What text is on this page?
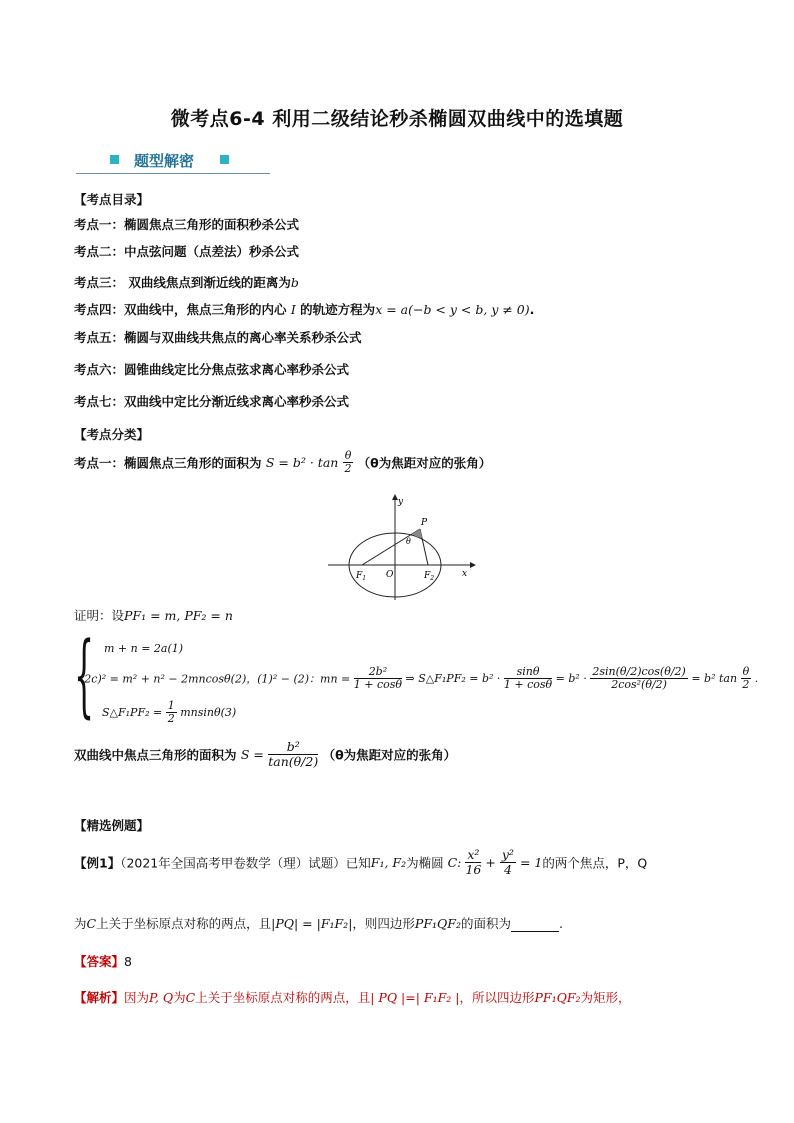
微考点6-4 利用二级结论秒杀椭圆双曲线中的选填题
题型解密
【考点目录】
考点一：椭圆焦点三角形的面积秒杀公式
考点二：中点弦问题（点差法）秒杀公式
考点三： 双曲线焦点到渐近线的距离为b
考点四：双曲线中，焦点三角形的内心 I 的轨迹方程为x = a(−b < y < b, y ≠ 0).
考点五：椭圆与双曲线共焦点的离心率关系秒杀公式
考点六：圆锥曲线定比分焦点弦求离心率秒杀公式
考点七：双曲线中定比分渐近线求离心率秒杀公式
【考点分类】
考点一：椭圆焦点三角形的面积为 $S = b^2 \cdot \tan \frac{\theta}{2} (\theta$为焦距对应的张角）
y
x
O
$F_1$	$F_2$
P
θ
证明：设PF₁ = m, PF₂ = n
{ m + n = 2a(1)
(2c)² = m² + n² − 2mncosθ(2)，(1)² − (2)：mn = $\frac{\text{2b²}}{1 + \cos\theta}$ ⇒ S△F₁PF₂ = $b^2 \cdot \frac{\sin\theta}{1 + \cos\theta} = b^2 \cdot \frac{2\sin(\theta/2)\cos(\theta/2)}{\text{2cos²(θ/2)}} = b^2$ $\tan \frac{\theta}{2}$ .
S△F₁PF₂ = $\frac{1}{2} mnsin\theta(3)$
双曲线中焦点三角形的面积为 $S = \frac{\text{b²}}{\tan(\theta/2)} (\theta$为焦距对应的张角）
【精选例题】
【例1】（2021年全国高考甲卷数学（理）试题）已知F₁, F₂为椭圆 C: $\frac{\text{x²}}{16} + \frac{\text{y²}}{4} = 1$的两个焦点，P，Q
为C上关于坐标原点对称的两点，且|PQ| = |F₁F₂|，则四边形PF₁QF₂的面积为	.
【答案】8
【解析】因为P, Q为C上关于坐标原点对称的两点，且| PQ |=| F₁F₂ |，所以四边形PF₁QF₂为矩形，
